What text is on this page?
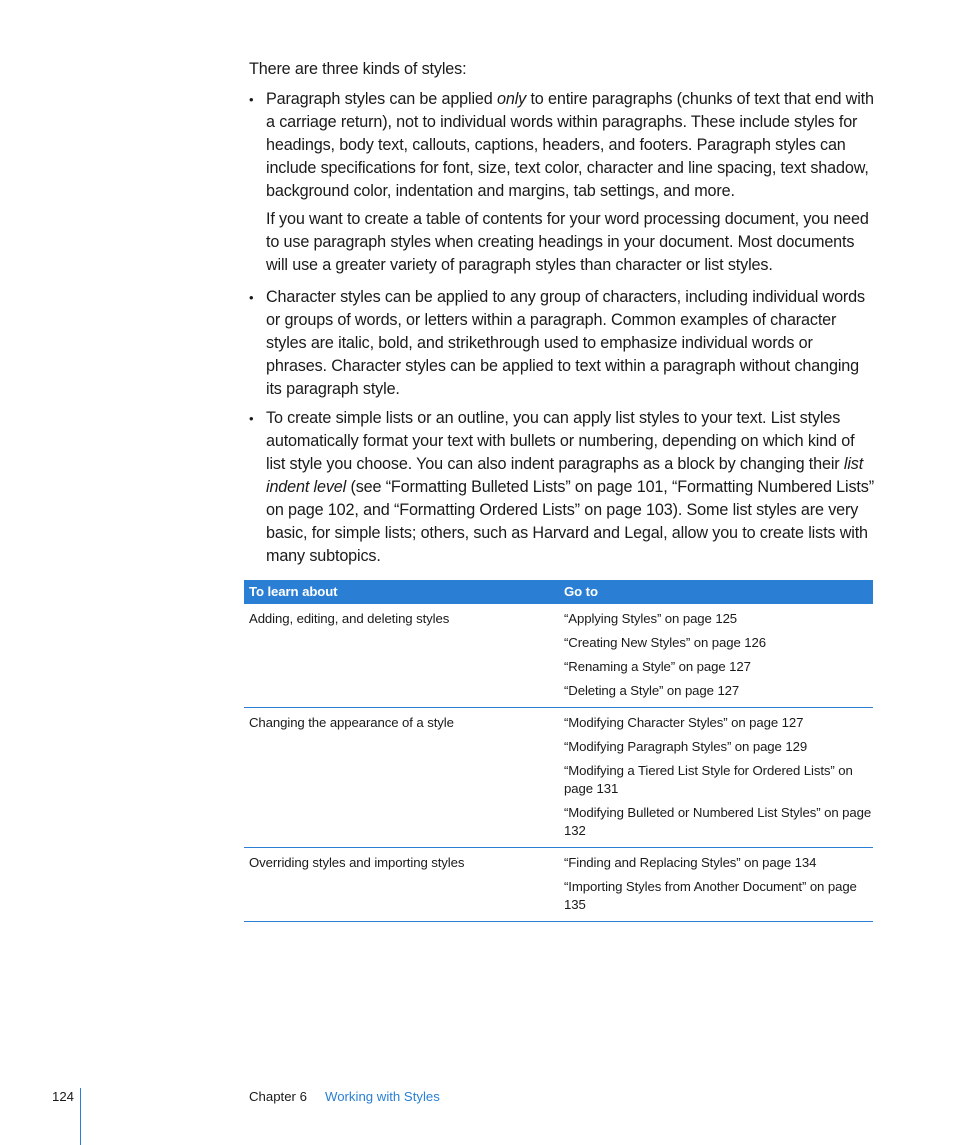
There are three kinds of styles:

• Paragraph styles can be applied only to entire paragraphs (chunks of text that end with a carriage return), not to individual words within paragraphs. These include styles for headings, body text, callouts, captions, headers, and footers. Paragraph styles can include specifications for font, size, text color, character and line spacing, text shadow, background color, indentation and margins, tab settings, and more.

If you want to create a table of contents for your word processing document, you need to use paragraph styles when creating headings in your document. Most documents will use a greater variety of paragraph styles than character or list styles.

• Character styles can be applied to any group of characters, including individual words or groups of words, or letters within a paragraph. Common examples of character styles are italic, bold, and strikethrough used to emphasize individual words or phrases. Character styles can be applied to text within a paragraph without changing its paragraph style.

• To create simple lists or an outline, you can apply list styles to your text. List styles automatically format your text with bullets or numbering, depending on which kind of list style you choose. You can also indent paragraphs as a block by changing their list indent level (see “Formatting Bulleted Lists” on page 101, “Formatting Numbered Lists” on page 102, and “Formatting Ordered Lists” on page 103). Some list styles are very basic, for simple lists; others, such as Harvard and Legal, allow you to create lists with many subtopics.

To learn about	Go to
Adding, editing, and deleting styles	“Applying Styles” on page 125

“Creating New Styles” on page 126

“Renaming a Style” on page 127

“Deleting a Style” on page 127

Changing the appearance of a style	“Modifying Character Styles” on page 127

“Modifying Paragraph Styles” on page 129

“Modifying a Tiered List Style for Ordered Lists” on page 131

“Modifying Bulleted or Numbered List Styles” on page 132

Overriding styles and importing styles	“Finding and Replacing Styles” on page 134

“Importing Styles from Another Document” on page 135

124	Chapter 6 Working with Styles
